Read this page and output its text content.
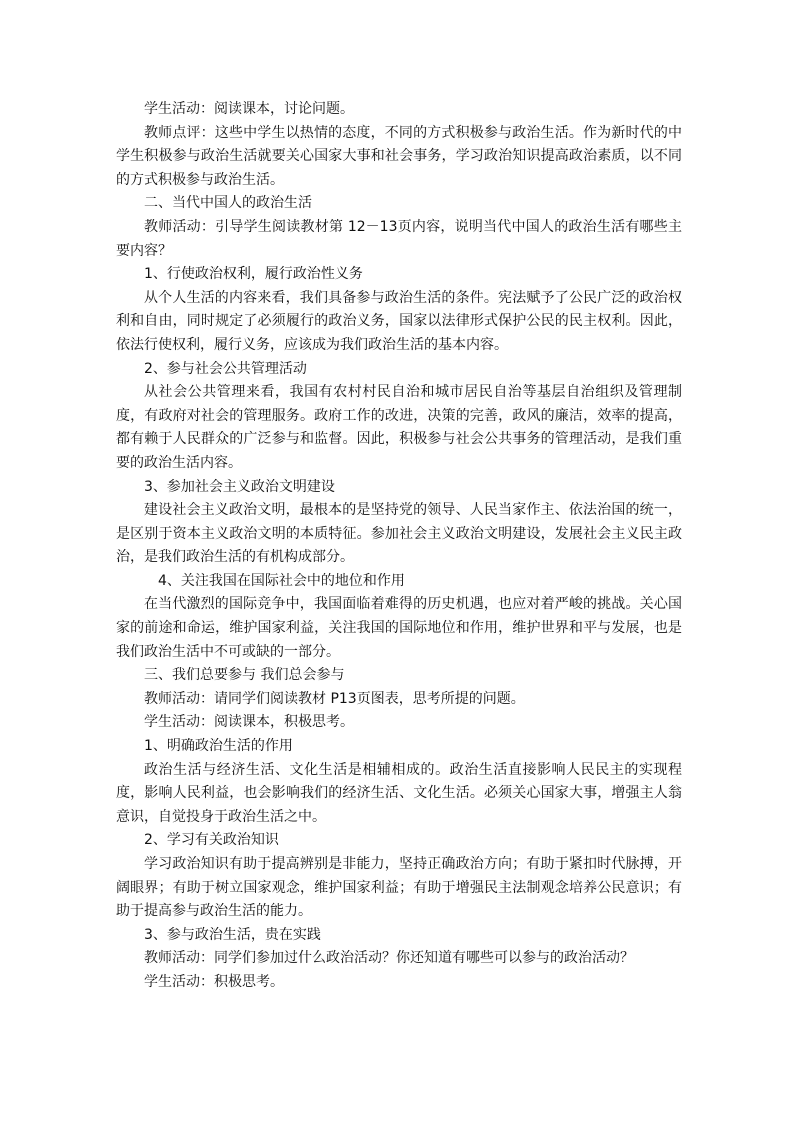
学生活动：阅读课本，讨论问题。

教师点评：这些中学生以热情的态度，不同的方式积极参与政治生活。作为新时代的中学生积极参与政治生活就要关心国家大事和社会事务，学习政治知识提高政治素质，以不同的方式积极参与政治生活。

二、当代中国人的政治生活

教师活动：引导学生阅读教材第 12－13页内容，说明当代中国人的政治生活有哪些主要内容？

1、行使政治权利，履行政治性义务

从个人生活的内容来看，我们具备参与政治生活的条件。宪法赋予了公民广泛的政治权利和自由，同时规定了必须履行的政治义务，国家以法律形式保护公民的民主权利。因此，依法行使权利，履行义务，应该成为我们政治生活的基本内容。

2、参与社会公共管理活动

从社会公共管理来看，我国有农村村民自治和城市居民自治等基层自治组织及管理制度，有政府对社会的管理服务。政府工作的改进，决策的完善，政风的廉洁，效率的提高，都有赖于人民群众的广泛参与和监督。因此，积极参与社会公共事务的管理活动，是我们重要的政治生活内容。

3、参加社会主义政治文明建设

建设社会主义政治文明，最根本的是坚持党的领导、人民当家作主、依法治国的统一，是区别于资本主义政治文明的本质特征。参加社会主义政治文明建设，发展社会主义民主政治，是我们政治生活的有机构成部分。

4、关注我国在国际社会中的地位和作用

在当代激烈的国际竞争中，我国面临着难得的历史机遇，也应对着严峻的挑战。关心国家的前途和命运，维护国家利益，关注我国的国际地位和作用，维护世界和平与发展，也是我们政治生活中不可或缺的一部分。

三、我们总要参与 我们总会参与

教师活动：请同学们阅读教材 P13页图表，思考所提的问题。

学生活动：阅读课本，积极思考。

1、明确政治生活的作用

政治生活与经济生活、文化生活是相辅相成的。政治生活直接影响人民民主的实现程度，影响人民利益，也会影响我们的经济生活、文化生活。必须关心国家大事，增强主人翁意识，自觉投身于政治生活之中。

2、学习有关政治知识

学习政治知识有助于提高辨别是非能力，坚持正确政治方向；有助于紧扣时代脉搏，开阔眼界；有助于树立国家观念，维护国家利益；有助于增强民主法制观念培养公民意识；有助于提高参与政治生活的能力。

3、参与政治生活，贵在实践

教师活动：同学们参加过什么政治活动？你还知道有哪些可以参与的政治活动？

学生活动：积极思考。
